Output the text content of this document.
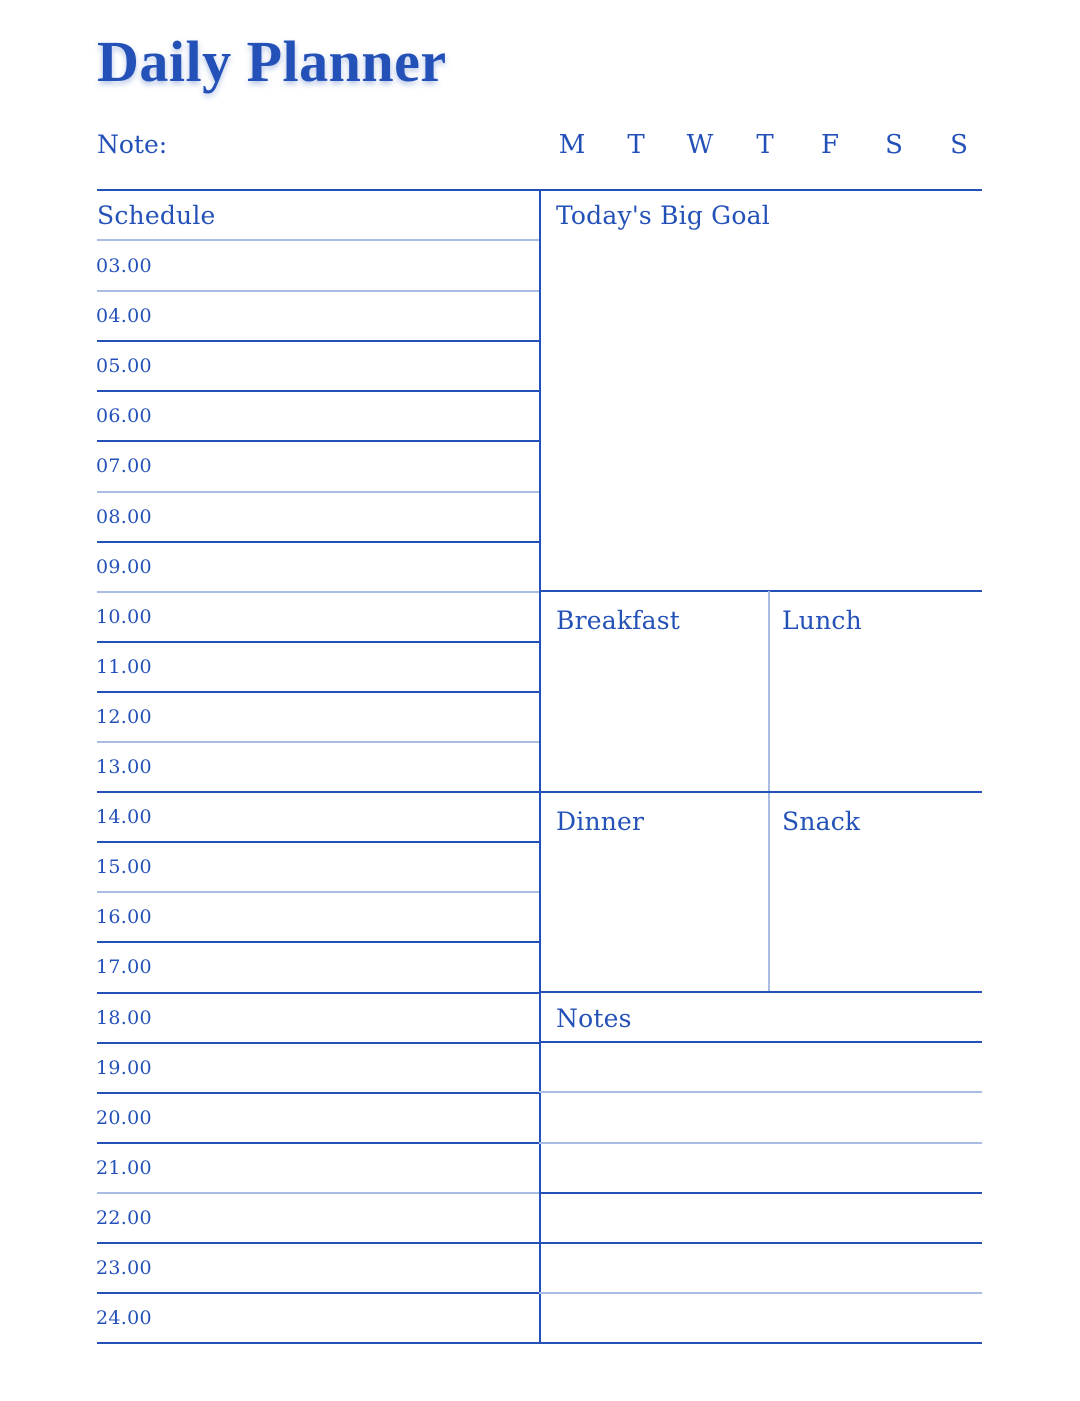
Daily Planner
Note:	M	T	W	T	F	S	S
Schedule
03.00
04.00
05.00
06.00
07.00
08.00
09.00
10.00
11.00
12.00
13.00
14.00
15.00
16.00
17.00
18.00
19.00
20.00
21.00
22.00
23.00
24.00
Today's Big Goal
Breakfast	Lunch
Dinner	Snack
Notes
